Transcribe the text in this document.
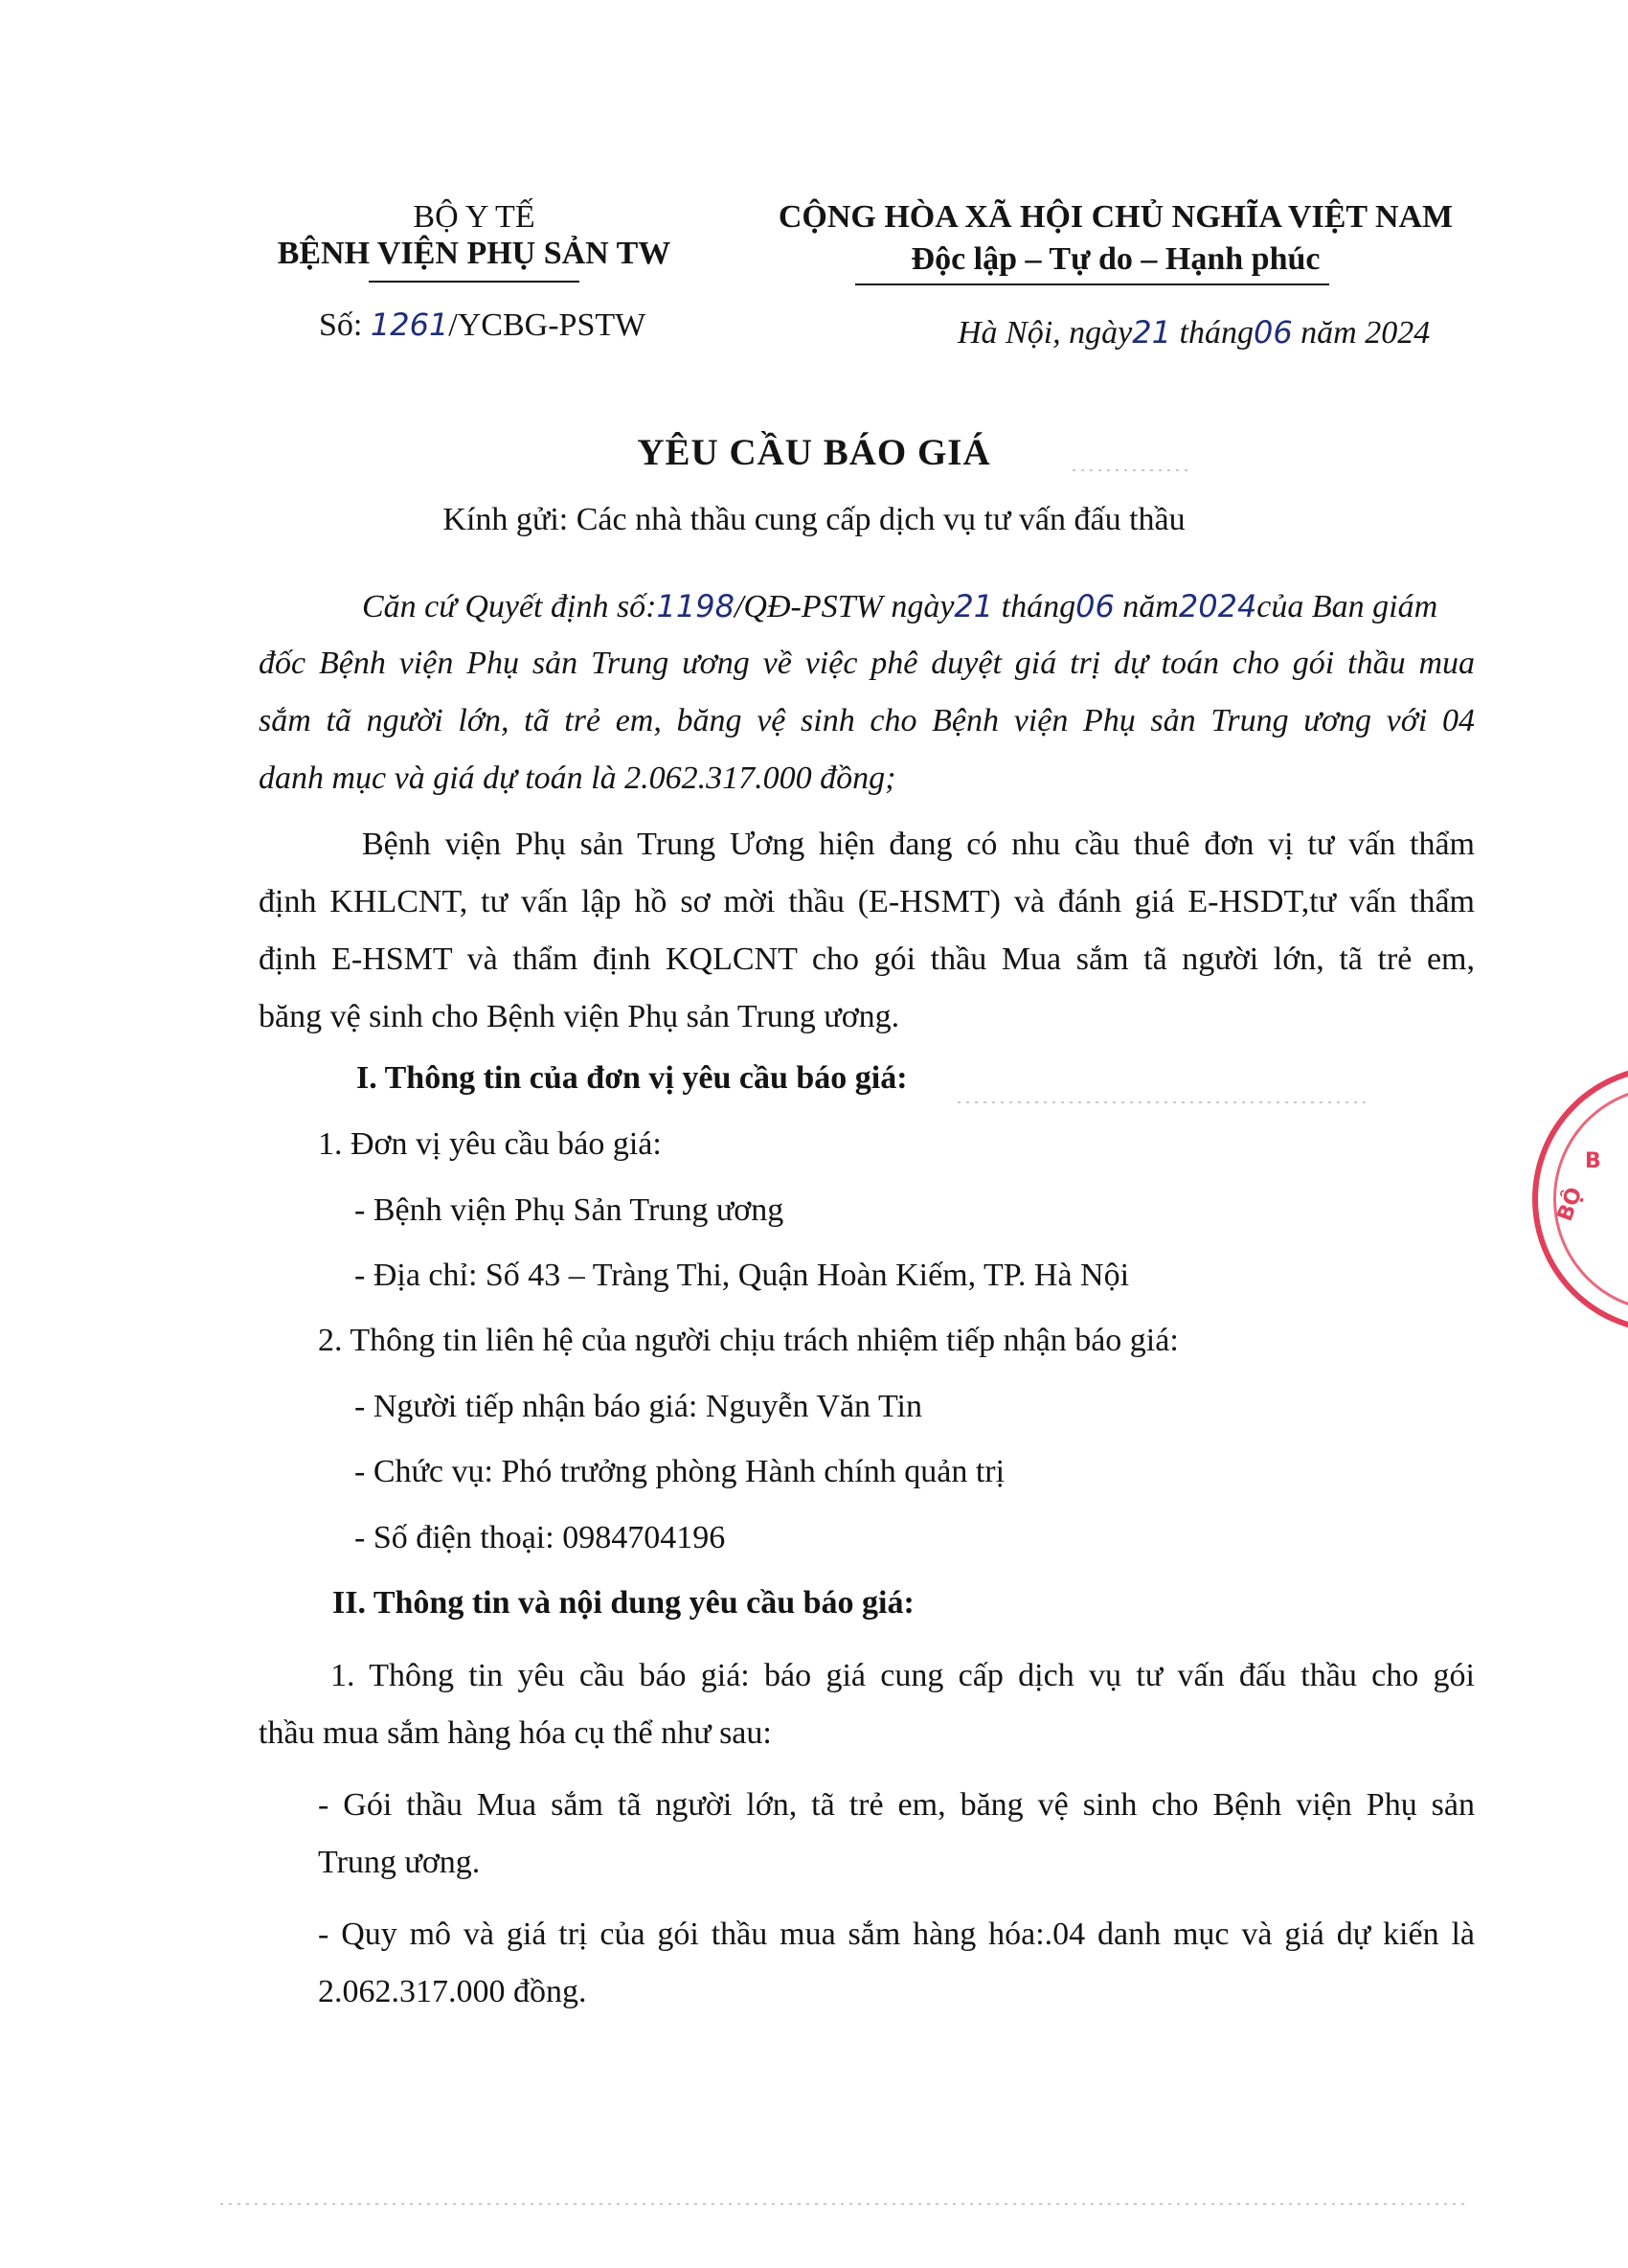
BỘ Y TẾ
BỆNH VIỆN PHỤ SẢN TW
Số: 1261/YCBG-PSTW
CỘNG HÒA XÃ HỘI CHỦ NGHĨA VIỆT NAM
Độc lập – Tự do – Hạnh phúc
Hà Nội, ngày21 tháng06 năm 2024
YÊU CẦU BÁO GIÁ
Kính gửi: Các nhà thầu cung cấp dịch vụ tư vấn đấu thầu
Căn cứ Quyết định số:1198/QĐ-PSTW ngày21 tháng06 năm2024của Ban giám
đốc Bệnh viện Phụ sản Trung ương về việc phê duyệt giá trị dự toán cho gói thầu mua
sắm tã người lớn, tã trẻ em, băng vệ sinh cho Bệnh viện Phụ sản Trung ương với 04
danh mục và giá dự toán là 2.062.317.000 đồng;
Bệnh viện Phụ sản Trung Ương hiện đang có nhu cầu thuê đơn vị tư vấn thẩm
định KHLCNT, tư vấn lập hồ sơ mời thầu (E-HSMT) và đánh giá E-HSDT,tư vấn thẩm
định E-HSMT và thẩm định KQLCNT cho gói thầu Mua sắm tã người lớn, tã trẻ em,
băng vệ sinh cho Bệnh viện Phụ sản Trung ương.
I. Thông tin của đơn vị yêu cầu báo giá:
1. Đơn vị yêu cầu báo giá:
- Bệnh viện Phụ Sản Trung ương
- Địa chỉ: Số 43 – Tràng Thi, Quận Hoàn Kiếm, TP. Hà Nội
2. Thông tin liên hệ của người chịu trách nhiệm tiếp nhận báo giá:
- Người tiếp nhận báo giá: Nguyễn Văn Tin
- Chức vụ: Phó trưởng phòng Hành chính quản trị
- Số điện thoại: 0984704196
II. Thông tin và nội dung yêu cầu báo giá:
1. Thông tin yêu cầu báo giá: báo giá cung cấp dịch vụ tư vấn đấu thầu cho gói
thầu mua sắm hàng hóa cụ thể như sau:
- Gói thầu Mua sắm tã người lớn, tã trẻ em, băng vệ sinh cho Bệnh viện Phụ sản
Trung ương.
- Quy mô và giá trị của gói thầu mua sắm hàng hóa:.04 danh mục và giá dự kiến là
2.062.317.000 đồng.
B
BỘ
